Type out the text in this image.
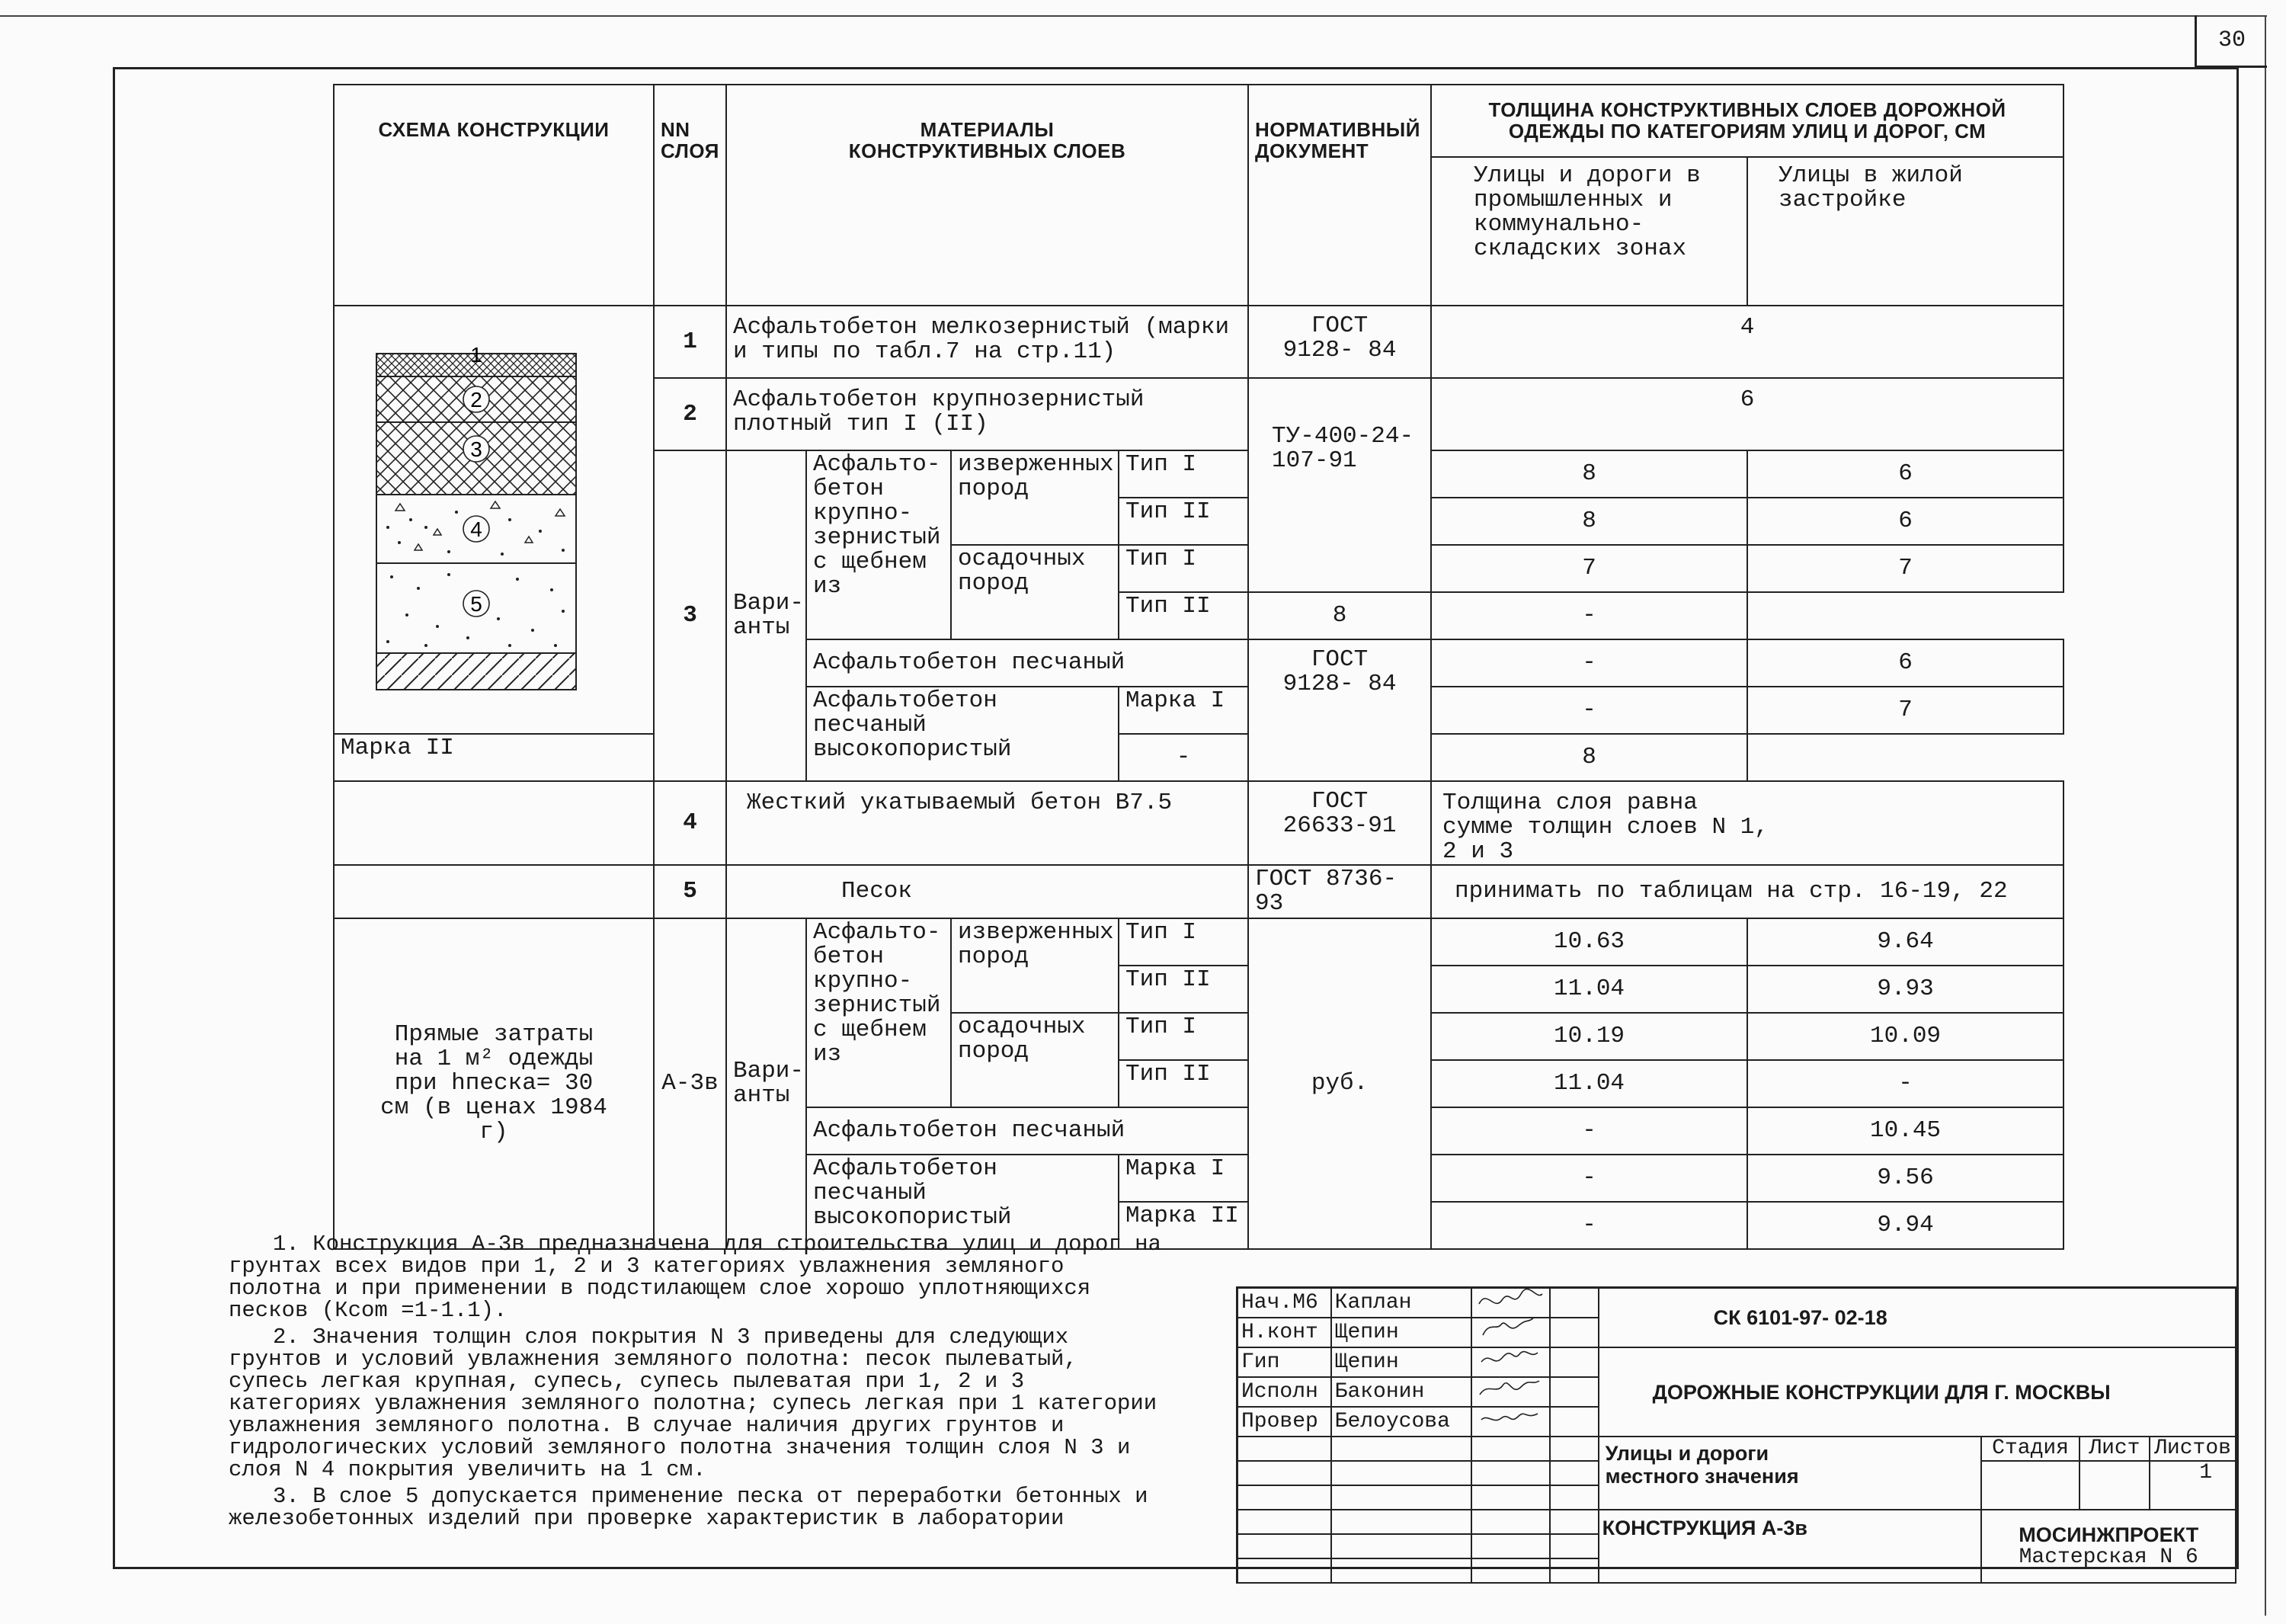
30
СХЕМА КОНСТРУКЦИИ	NN СЛОЯ	МАТЕРИАЛЫ КОНСТРУКТИВНЫХ СЛОЕВ				НОРМАТИВНЫЙ ДОКУМЕНТ	ТОЛЩИНА КОНСТРУКТИВНЫХ СЛОЕВ ДОРОЖНОЙ ОДЕЖДЫ ПО КАТЕГОРИЯМ УЛИЦ И ДОРОГ, СМ	
							Улицы и дороги в промышленных и коммунально-складских зонах	Улицы в жилой застройке

1
2
3
4
5	1	Асфальтобетон мелкозернистый (марки и типы по табл.7 на стр.11)				ГОСТ 9128- 84	4	
	2	Асфальтобетон крупнозернистый плотный тип I (II)				ТУ-400-24- 107-91	6	
	3	Вари- анты	Асфальто- бетон крупно- зернистый с щебнем из	изверженных пород	Тип I		8	6
					Тип II		8	6
				осадочных пород	Тип I		7	7
					Тип II	8	-	
			Асфальтобетон песчаный			ГОСТ 9128- 84	-	6
			Асфальтобетон песчаный высокопористый		Марка I		-	7
Марка II					-		8	
	4	Жесткий укатываемый бетон В7.5				ГОСТ 26633-91	Толщина слоя равна сумме толщин слоев N 1, 2 и 3	
	5	Песок				ГОСТ 8736-93	принимать по таблицам на стр. 16-19, 22	
Прямые затраты на 1 м² одежды при hпеска= 30 см (в ценах 1984 г)	А-3в	Вари- анты	Асфальто- бетон крупно- зернистый с щебнем из	изверженных пород	Тип I	руб.	10.63	9.64
					Тип II		11.04	9.93
				осадочных пород	Тип I		10.19	10.09
					Тип II		11.04	-
			Асфальтобетон песчаный				-	10.45
			Асфальтобетон песчаный высокопористый		Марка I		-	9.56
					Марка II		-	9.94

1. Конструкция А-3в предназначена для строительства улиц и дорог на грунтах всех видов при 1, 2 и 3 категориях увлажнения земляного полотна и при применении в подстилающем слое хорошо уплотняющихся песков (Ксom =1-1.1).

2. Значения толщин слоя покрытия N 3 приведены для следующих грунтов и условий увлажнения земляного полотна: песок пылеватый, супесь легкая крупная, супесь, супесь пылеватая при 1, 2 и 3 категориях увлажнения земляного полотна; супесь легкая при 1 категории увлажнения земляного полотна. В случае наличия других грунтов и гидрологических условий земляного полотна значения толщин слоя N 3 и слоя N 4 покрытия увеличить на 1 см.

3. В слое 5 допускается применение песка от переработки бетонных и железобетонных изделий при проверке характеристик в лаборатории

Нач.М6	Каплан			СК 6101-97- 02-18			
Н.конт	Щепин		
Гип	Щепин			ДОРОЖНЫЕ КОНСТРУКЦИИ ДЛЯ Г. МОСКВЫ			
Исполн	Баконин		
Провер	Белоусова		
				Улицы и дороги местного значения	Стадия	Лист	Листов
							1

				КОНСТРУКЦИЯ А-3в	МОСИНЖПРОЕКТ
Мастерская N 6		
